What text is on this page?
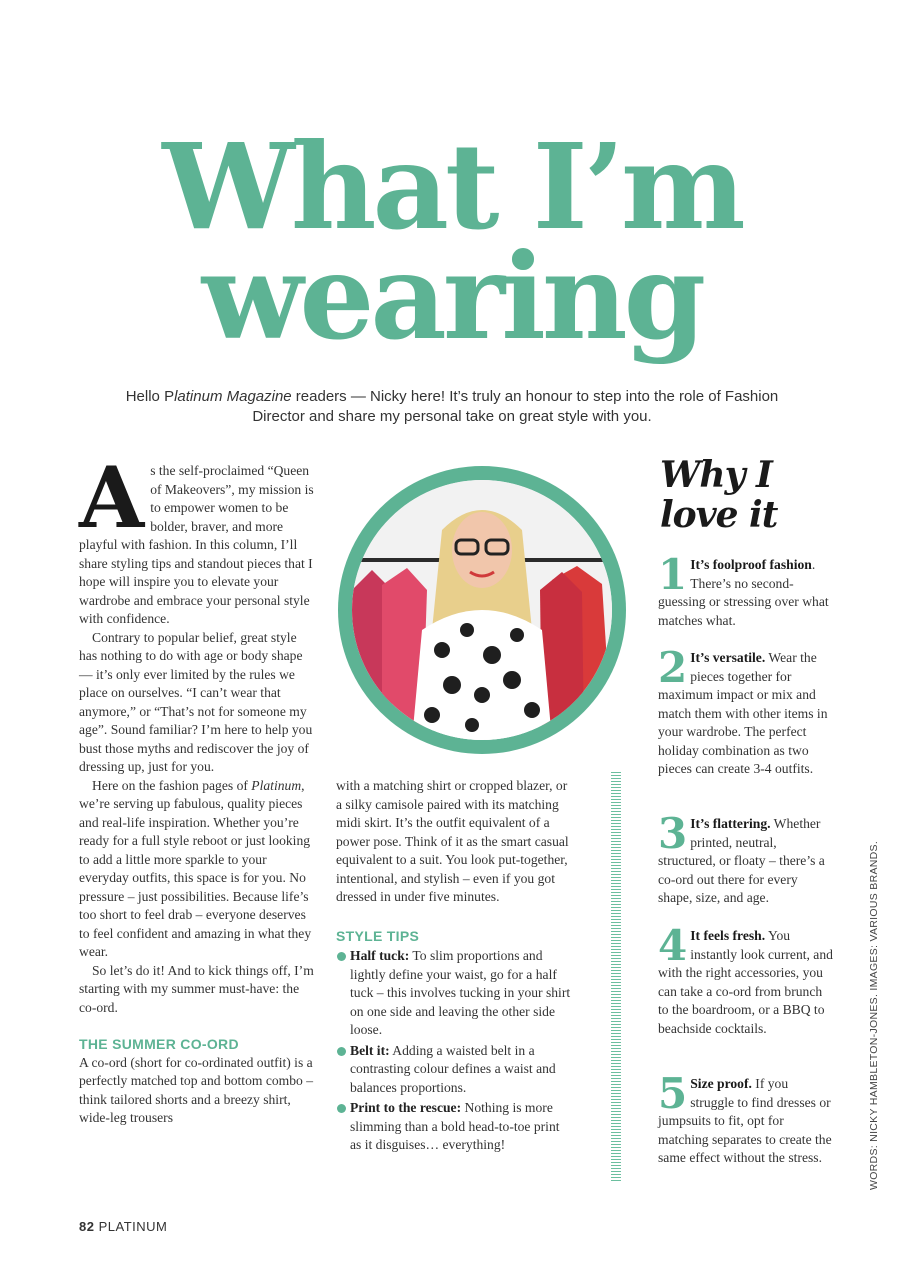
What I’m
wearing
Hello Platinum Magazine readers — Nicky here! It’s truly an honour to step into the role of Fashion Director and share my personal take on great style with you.

As the self-proclaimed “Queen of Makeovers”, my mission is to empower women to be bolder, braver, and more playful with fashion. In this column, I’ll share styling tips and standout pieces that I hope will inspire you to elevate your wardrobe and embrace your personal style with confidence.

Contrary to popular belief, great style has nothing to do with age or body shape — it’s only ever limited by the rules we place on ourselves. “I can’t wear that anymore,” or “That’s not for someone my age”. Sound familiar? I’m here to help you bust those myths and rediscover the joy of dressing up, just for you.

Here on the fashion pages of Platinum, we’re serving up fabulous, quality pieces and real-life inspiration. Whether you’re ready for a full style reboot or just looking to add a little more sparkle to your everyday outfits, this space is for you. No pressure – just possibilities. Because life’s too short to feel drab – everyone deserves to feel confident and amazing in what they wear.

So let’s do it! And to kick things off, I’m starting with my summer must-have: the co-ord.

THE SUMMER CO-ORD

A co-ord (short for co-ordinated outfit) is a perfectly matched top and bottom combo – think tailored shorts and a breezy shirt, wide-leg trousers

with a matching shirt or cropped blazer, or a silky camisole paired with its matching midi skirt. It’s the outfit equivalent of a power pose. Think of it as the smart casual equivalent to a suit. You look put-together, intentional, and stylish – even if you got dressed in under five minutes.

STYLE TIPS
Half tuck: To slim proportions and lightly define your waist, go for a half tuck – this involves tucking in your shirt on one side and leaving the other side loose.
Belt it: Adding a waisted belt in a contrasting colour defines a waist and balances proportions.
Print to the rescue: Nothing is more slimming than a bold head-to-toe print as it disguises… everything!
Why I
love it
1 It’s foolproof fashion. There’s no second-guessing or stressing over what matches what.
2 It’s versatile. Wear the pieces together for maximum impact or mix and match them with other items in your wardrobe. The perfect holiday combination as two pieces can create 3-4 outfits.
3 It’s flattering. Whether printed, neutral, structured, or floaty – there’s a co-ord out there for every shape, size, and age.
4 It feels fresh. You instantly look current, and with the right accessories, you can take a co-ord from brunch to the boardroom, or a BBQ to beachside cocktails.
5 Size proof. If you struggle to find dresses or jumpsuits to fit, opt for matching separates to create the same effect without the stress.	WORDS: NICKY HAMBLETON-JONES. IMAGES: VARIOUS BRANDS.
82 PLATINUM
